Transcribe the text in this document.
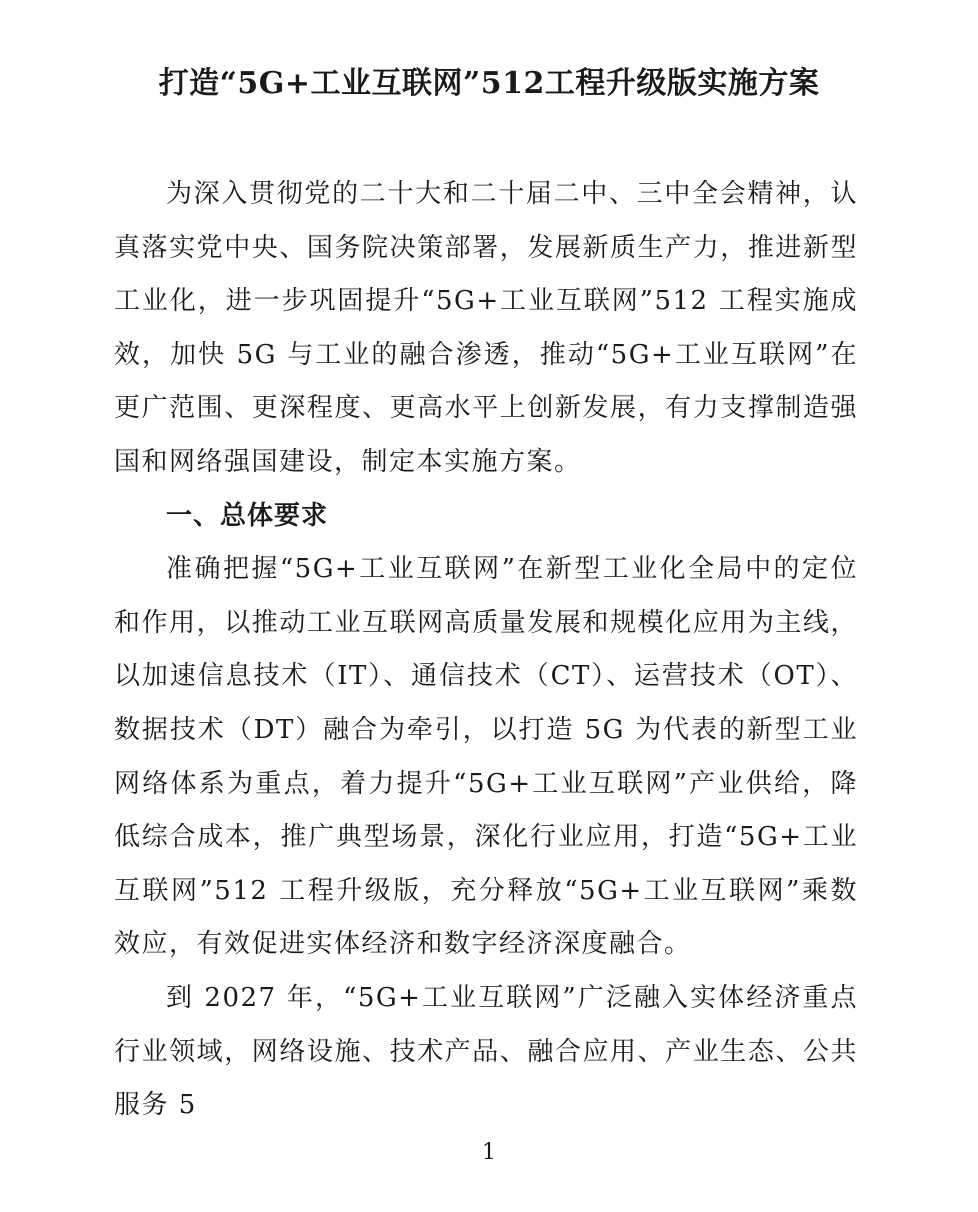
打造“5G+工业互联网”512工程升级版实施方案

为深入贯彻党的二十大和二十届二中、三中全会精神，认真落实党中央、国务院决策部署，发展新质生产力，推进新型工业化，进一步巩固提升“5G+工业互联网”512 工程实施成效，加快 5G 与工业的融合渗透，推动“5G+工业互联网”在更广范围、更深程度、更高水平上创新发展，有力支撑制造强国和网络强国建设，制定本实施方案。

一、总体要求

准确把握“5G+工业互联网”在新型工业化全局中的定位和作用，以推动工业互联网高质量发展和规模化应用为主线，以加速信息技术（IT）、通信技术（CT）、运营技术（OT）、数据技术（DT）融合为牵引，以打造 5G 为代表的新型工业网络体系为重点，着力提升“5G+工业互联网”产业供给，降低综合成本，推广典型场景，深化行业应用，打造“5G+工业互联网”512 工程升级版，充分释放“5G+工业互联网”乘数效应，有效促进实体经济和数字经济深度融合。

到 2027 年，“5G+工业互联网”广泛融入实体经济重点行业领域，网络设施、技术产品、融合应用、产业生态、公共服务 5

1
